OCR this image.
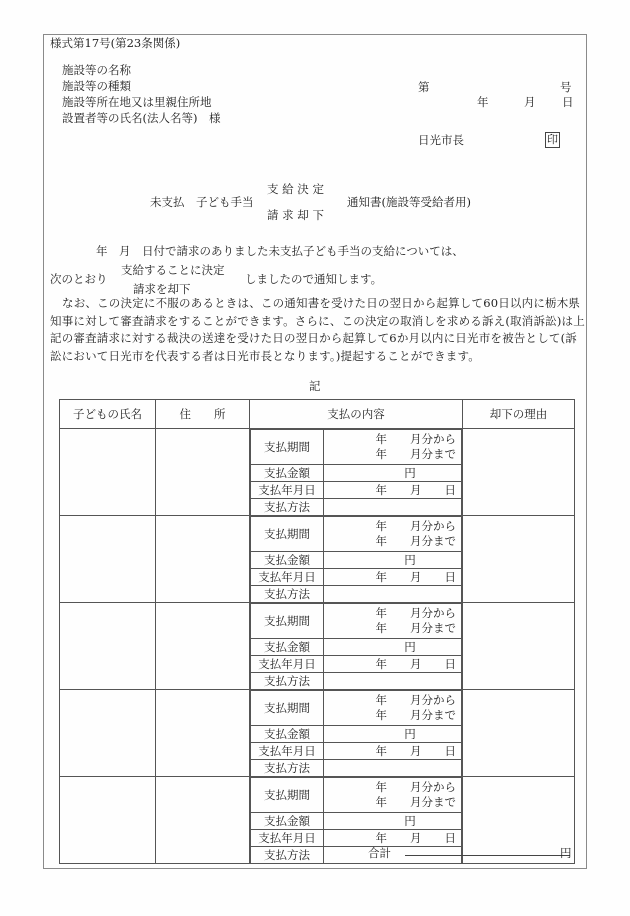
様式第17号(第23条関係)
施設等の名称
施設等の種類
施設等所在地又は里親住所地
設置者等の氏名(法人名等)　様
第	号
年	月 日
日光市長	印
未支払　子ども手当
支 給 決 定
請 求 却 下
通知書(施設等受給者用)
年　月　日付で請求のありました未支払子ども手当の支給については、
次のとおり
支給することに決定
請求を却下
しましたので通知します。
なお、この決定に不服のあるときは、この通知書を受けた日の翌日から起算して60日以内に栃木県知事に対して審査請求をすることができます。さらに、この決定の取消しを求める訴え(取消訴訟)は上記の審査請求に対する裁決の送達を受けた日の翌日から起算して6か月以内に日光市を被告として(訴訟において日光市を代表する者は日光市長となります。)提起することができます。
記
子どもの氏名	住　　所	支払の内容	却下の理由

支払期間	年　　月分から
年　　月分まで
支払金額	円
支払年月日	年　　月　　日
支払方法	

支払期間	年　　月分から
年　　月分まで
支払金額	円
支払年月日	年　　月　　日
支払方法	

支払期間	年　　月分から
年　　月分まで
支払金額	円
支払年月日	年　　月　　日
支払方法	

支払期間	年　　月分から
年　　月分まで
支払金額	円
支払年月日	年　　月　　日
支払方法	

支払期間	年　　月分から
年　　月分まで
支払金額	円
支払年月日	年　　月　　日
支払方法	
		合計	円
